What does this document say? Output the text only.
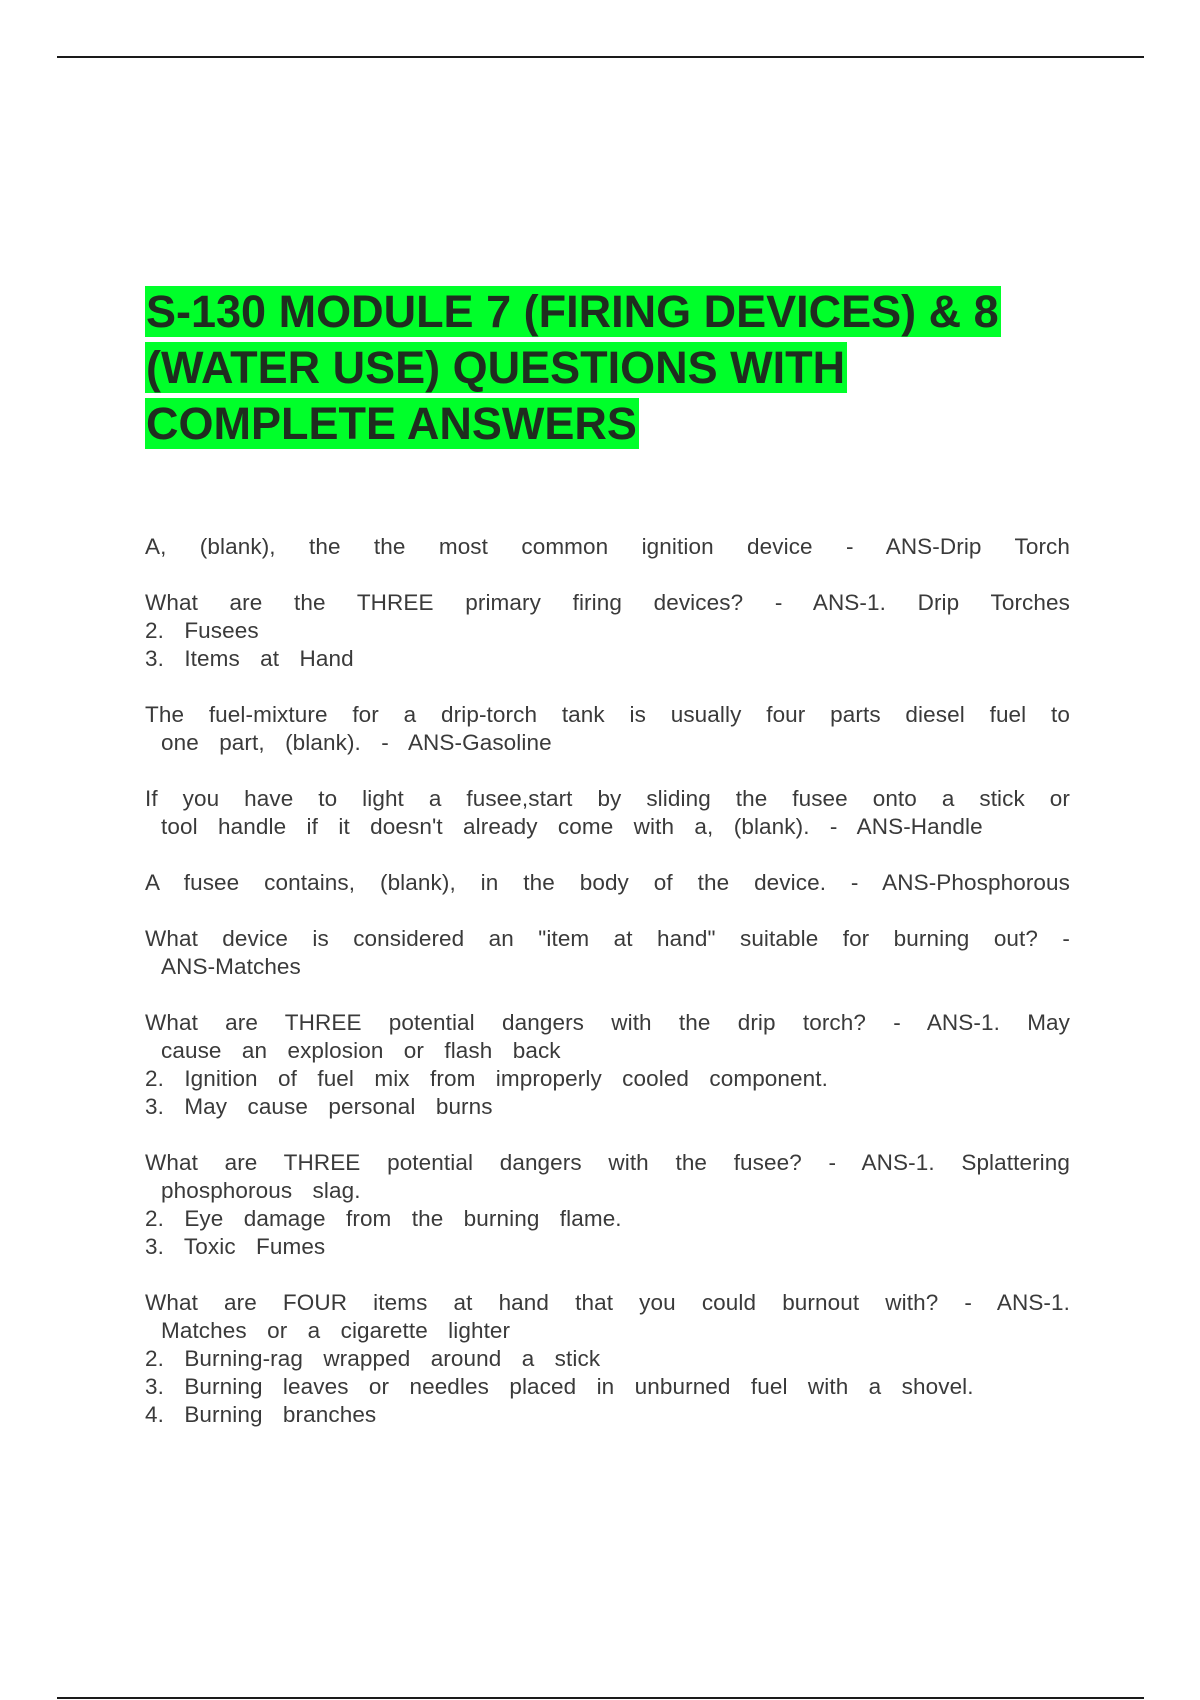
S-130 MODULE 7 (FIRING DEVICES) & 8
(WATER USE) QUESTIONS WITH
COMPLETE ANSWERS
A, (blank), the the most common ignition device - ANS-Drip Torch
What are the THREE primary firing devices? - ANS-1. Drip Torches
2. Fusees
3. Items at Hand
The fuel-mixture for a drip-torch tank is usually four parts diesel fuel to
one part, (blank). - ANS-Gasoline
If you have to light a fusee,start by sliding the fusee onto a stick or
tool handle if it doesn't already come with a, (blank). - ANS-Handle
A fusee contains, (blank), in the body of the device. - ANS-Phosphorous
What device is considered an "item at hand" suitable for burning out? -
ANS-Matches
What are THREE potential dangers with the drip torch? - ANS-1. May
cause an explosion or flash back
2. Ignition of fuel mix from improperly cooled component.
3. May cause personal burns
What are THREE potential dangers with the fusee? - ANS-1. Splattering
phosphorous slag.
2. Eye damage from the burning flame.
3. Toxic Fumes
What are FOUR items at hand that you could burnout with? - ANS-1.
Matches or a cigarette lighter
2. Burning-rag wrapped around a stick
3. Burning leaves or needles placed in unburned fuel with a shovel.
4. Burning branches
